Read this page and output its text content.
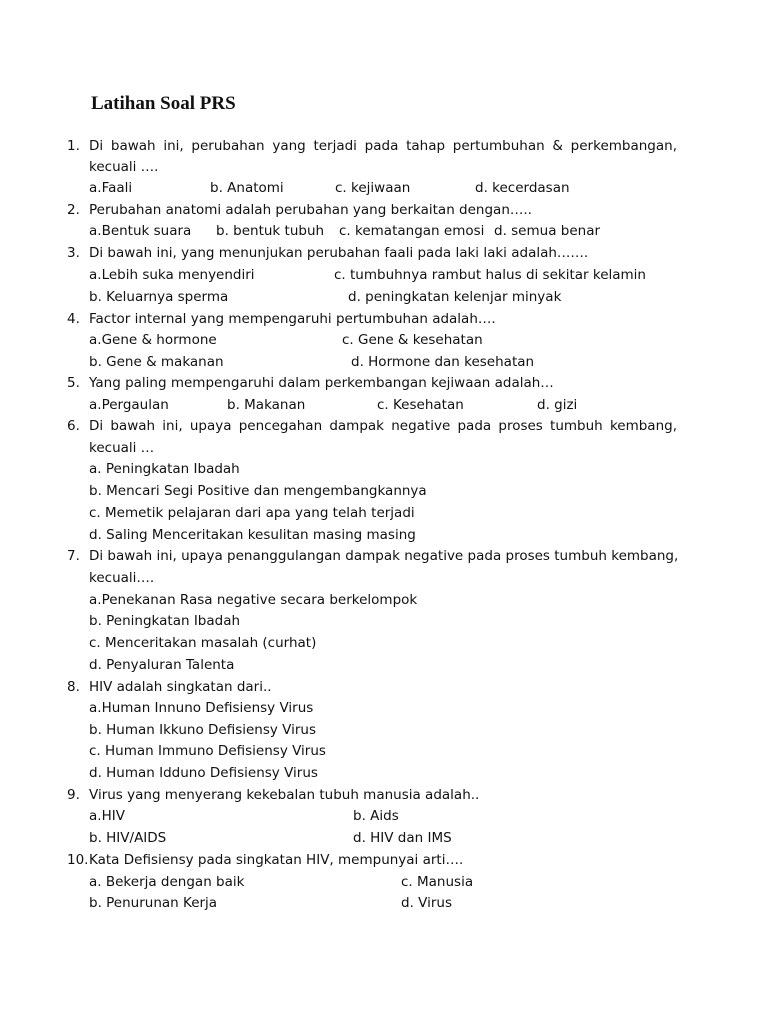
Latihan Soal PRS
1. Di bawah ini, perubahan yang terjadi pada tahap pertumbuhan & perkembangan,
kecuali ….
a.Faali	b. Anatomi	c. kejiwaan	d. kecerdasan
2. Perubahan anatomi adalah perubahan yang berkaitan dengan…..
a.Bentuk suara b. bentuk tubuh c. kematangan emosi d. semua benar
3. Di bawah ini, yang menunjukan perubahan faali pada laki laki adalah…….
a.Lebih suka menyendiri	c. tumbuhnya rambut halus di sekitar kelamin
b. Keluarnya sperma	d. peningkatan kelenjar minyak
4. Factor internal yang mempengaruhi pertumbuhan adalah….
a.Gene & hormone	c. Gene & kesehatan
b. Gene & makanan	d. Hormone dan kesehatan
5. Yang paling mempengaruhi dalam perkembangan kejiwaan adalah…
a.Pergaulan	b. Makanan	c. Kesehatan	d. gizi
6. Di bawah ini, upaya pencegahan dampak negative pada proses tumbuh kembang,
kecuali …
a. Peningkatan Ibadah
b. Mencari Segi Positive dan mengembangkannya
c. Memetik pelajaran dari apa yang telah terjadi
d. Saling Menceritakan kesulitan masing masing
7. Di bawah ini, upaya penanggulangan dampak negative pada proses tumbuh kembang,
kecuali….
a.Penekanan Rasa negative secara berkelompok
b. Peningkatan Ibadah
c. Menceritakan masalah (curhat)
d. Penyaluran Talenta
8. HIV adalah singkatan dari..
a.Human Innuno Defisiensy Virus
b. Human Ikkuno Defisiensy Virus
c. Human Immuno Defisiensy Virus
d. Human Idduno Defisiensy Virus
9. Virus yang menyerang kekebalan tubuh manusia adalah..
a.HIV	b. Aids
b. HIV/AIDS	d. HIV dan IMS
10. Kata Defisiensy pada singkatan HIV, mempunyai arti….
a. Bekerja dengan baik	c. Manusia
b. Penurunan Kerja	d. Virus
